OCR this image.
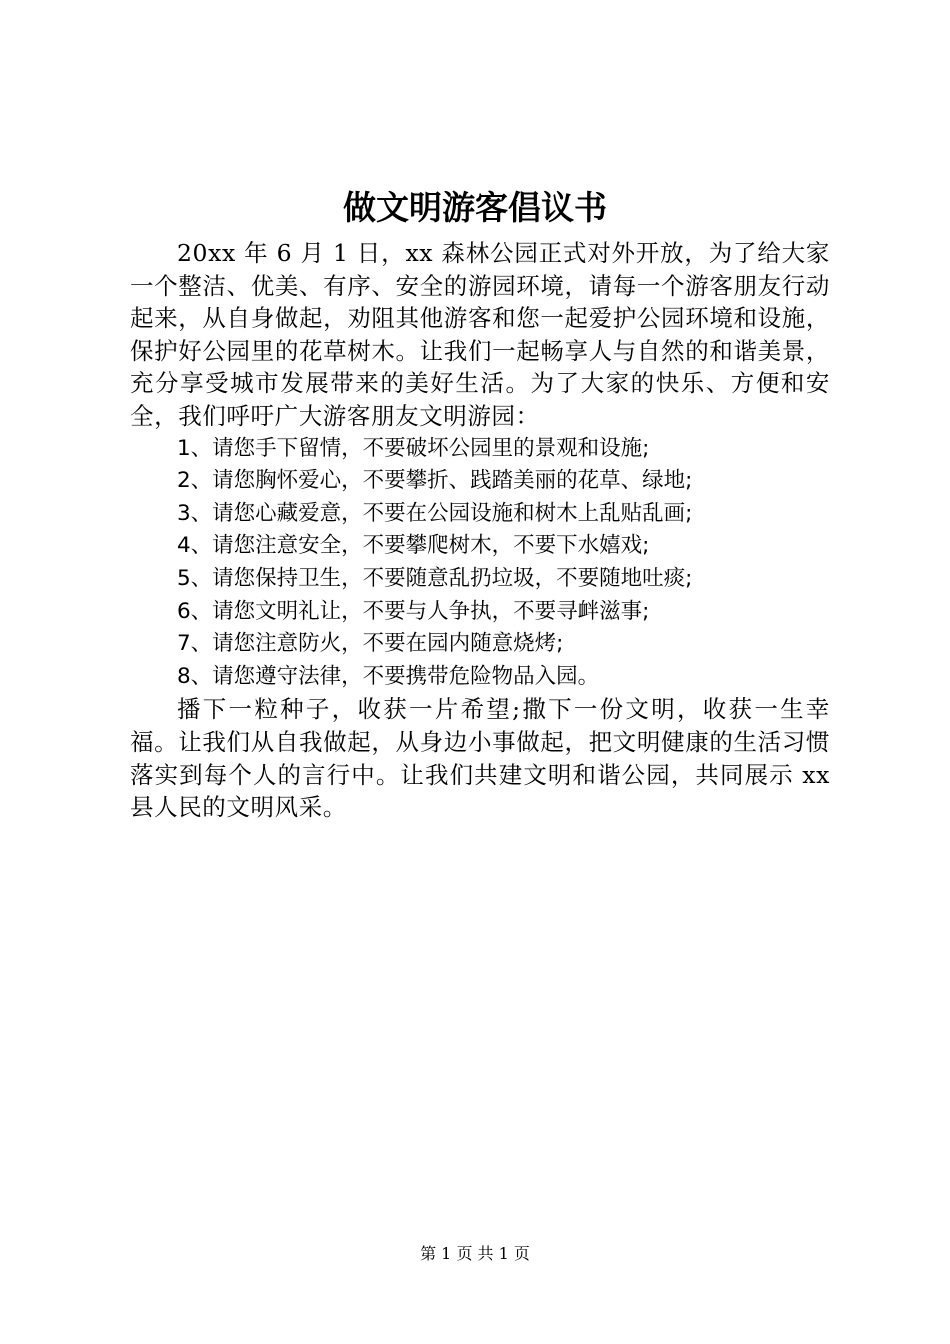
做文明游客倡议书

20xx 年 6 月 1 日，xx 森林公园正式对外开放，为了给大家一个整洁、优美、有序、安全的游园环境，请每一个游客朋友行动起来，从自身做起，劝阻其他游客和您一起爱护公园环境和设施，保护好公园里的花草树木。让我们一起畅享人与自然的和谐美景，充分享受城市发展带来的美好生活。为了大家的快乐、方便和安全，我们呼吁广大游客朋友文明游园：

1、请您手下留情，不要破坏公园里的景观和设施;
2、请您胸怀爱心，不要攀折、践踏美丽的花草、绿地;
3、请您心藏爱意，不要在公园设施和树木上乱贴乱画;
4、请您注意安全，不要攀爬树木，不要下水嬉戏;
5、请您保持卫生，不要随意乱扔垃圾，不要随地吐痰;
6、请您文明礼让，不要与人争执，不要寻衅滋事;
7、请您注意防火，不要在园内随意烧烤;
8、请您遵守法律，不要携带危险物品入园。

播下一粒种子，收获一片希望;撒下一份文明，收获一生幸福。让我们从自我做起，从身边小事做起，把文明健康的生活习惯落实到每个人的言行中。让我们共建文明和谐公园，共同展示 xx 县人民的文明风采。

第 1 页 共 1 页
